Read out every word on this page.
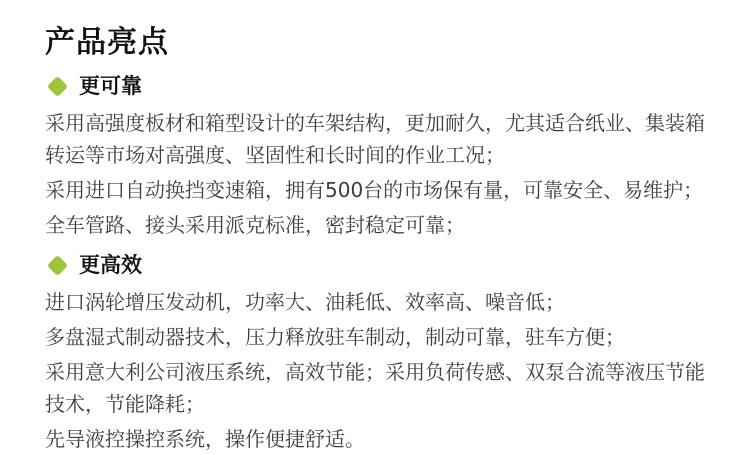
产品亮点
更可靠

采用高强度板材和箱型设计的车架结构，更加耐久，尤其适合纸业、集装箱转运等市场对高强度、坚固性和长时间的作业工况；

采用进口自动换挡变速箱，拥有500台的市场保有量，可靠安全、易维护；

全车管路、接头采用派克标准，密封稳定可靠；

更高效

进口涡轮增压发动机，功率大、油耗低、效率高、噪音低；

多盘湿式制动器技术，压力释放驻车制动，制动可靠，驻车方便；

采用意大利公司液压系统，高效节能；采用负荷传感、双泵合流等液压节能技术，节能降耗；

先导液控操控系统，操作便捷舒适。
